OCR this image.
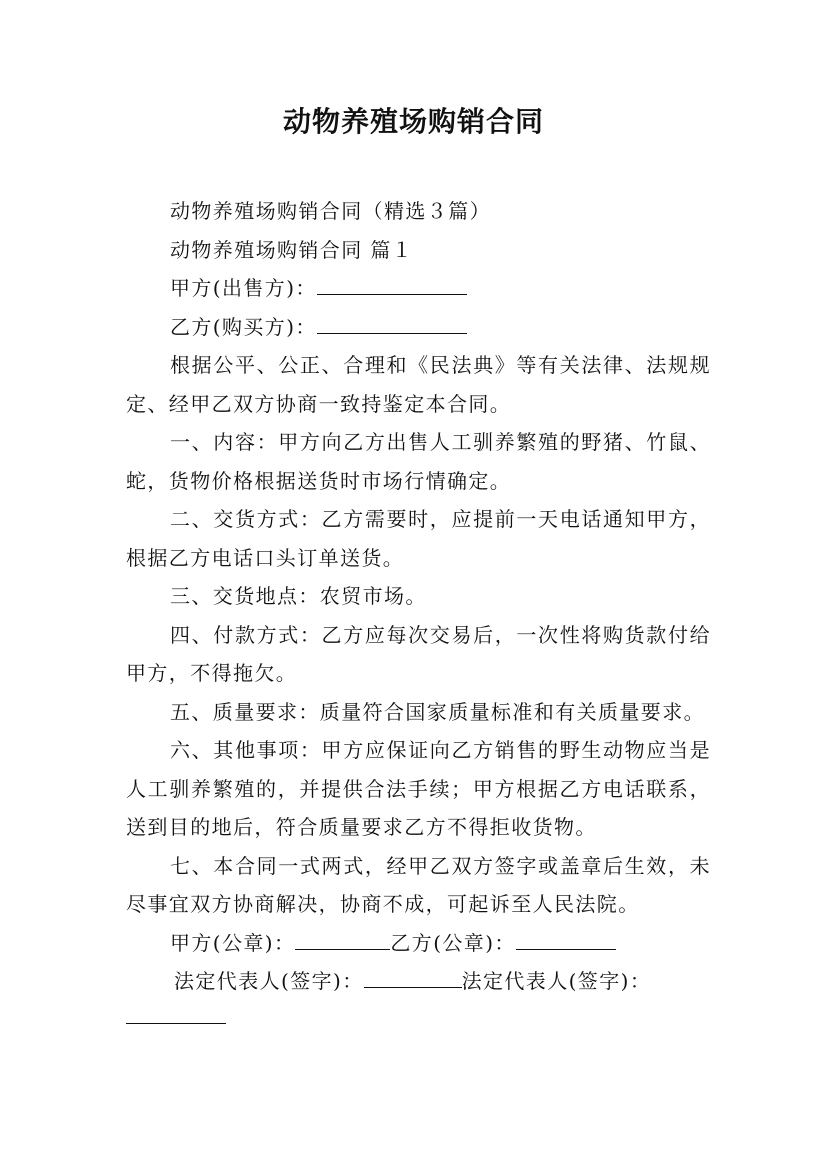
动物养殖场购销合同

动物养殖场购销合同（精选３篇）

动物养殖场购销合同 篇１

甲方(出售方)：

乙方(购买方)：

根据公平、公正、合理和《民法典》等有关法律、法规规定、经甲乙双方协商一致持鉴定本合同。

一、内容：甲方向乙方出售人工驯养繁殖的野猪、竹鼠、蛇，货物价格根据送货时市场行情确定。

二、交货方式：乙方需要时，应提前一天电话通知甲方，根据乙方电话口头订单送货。

三、交货地点：农贸市场。

四、付款方式：乙方应每次交易后，一次性将购货款付给甲方，不得拖欠。

五、质量要求：质量符合国家质量标准和有关质量要求。

六、其他事项：甲方应保证向乙方销售的野生动物应当是人工驯养繁殖的，并提供合法手续；甲方根据乙方电话联系，送到目的地后，符合质量要求乙方不得拒收货物。

七、本合同一式两式，经甲乙双方签字或盖章后生效，未尽事宜双方协商解决，协商不成，可起诉至人民法院。

甲方(公章)：	乙方(公章)：

法定代表人(签字)：	法定代表人(签字)：
